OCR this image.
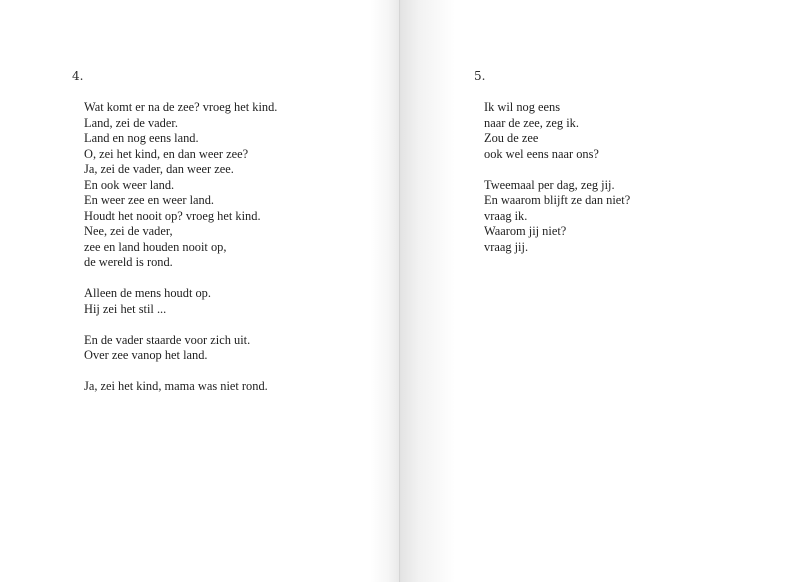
4.

Wat komt er na de zee? vroeg het kind.
Land, zei de vader.
Land en nog eens land.
O, zei het kind, en dan weer zee?
Ja, zei de vader, dan weer zee.
En ook weer land.
En weer zee en weer land.
Houdt het nooit op? vroeg het kind.
Nee, zei de vader,
zee en land houden nooit op,
de wereld is rond.
Alleen de mens houdt op.
Hij zei het stil ...
En de vader staarde voor zich uit.
Over zee vanop het land.
Ja, zei het kind, mama was niet rond.

5.

Ik wil nog eens
naar de zee, zeg ik.
Zou de zee
ook wel eens naar ons?
Tweemaal per dag, zeg jij.
En waarom blijft ze dan niet?
vraag ik.
Waarom jij niet?
vraag jij.
